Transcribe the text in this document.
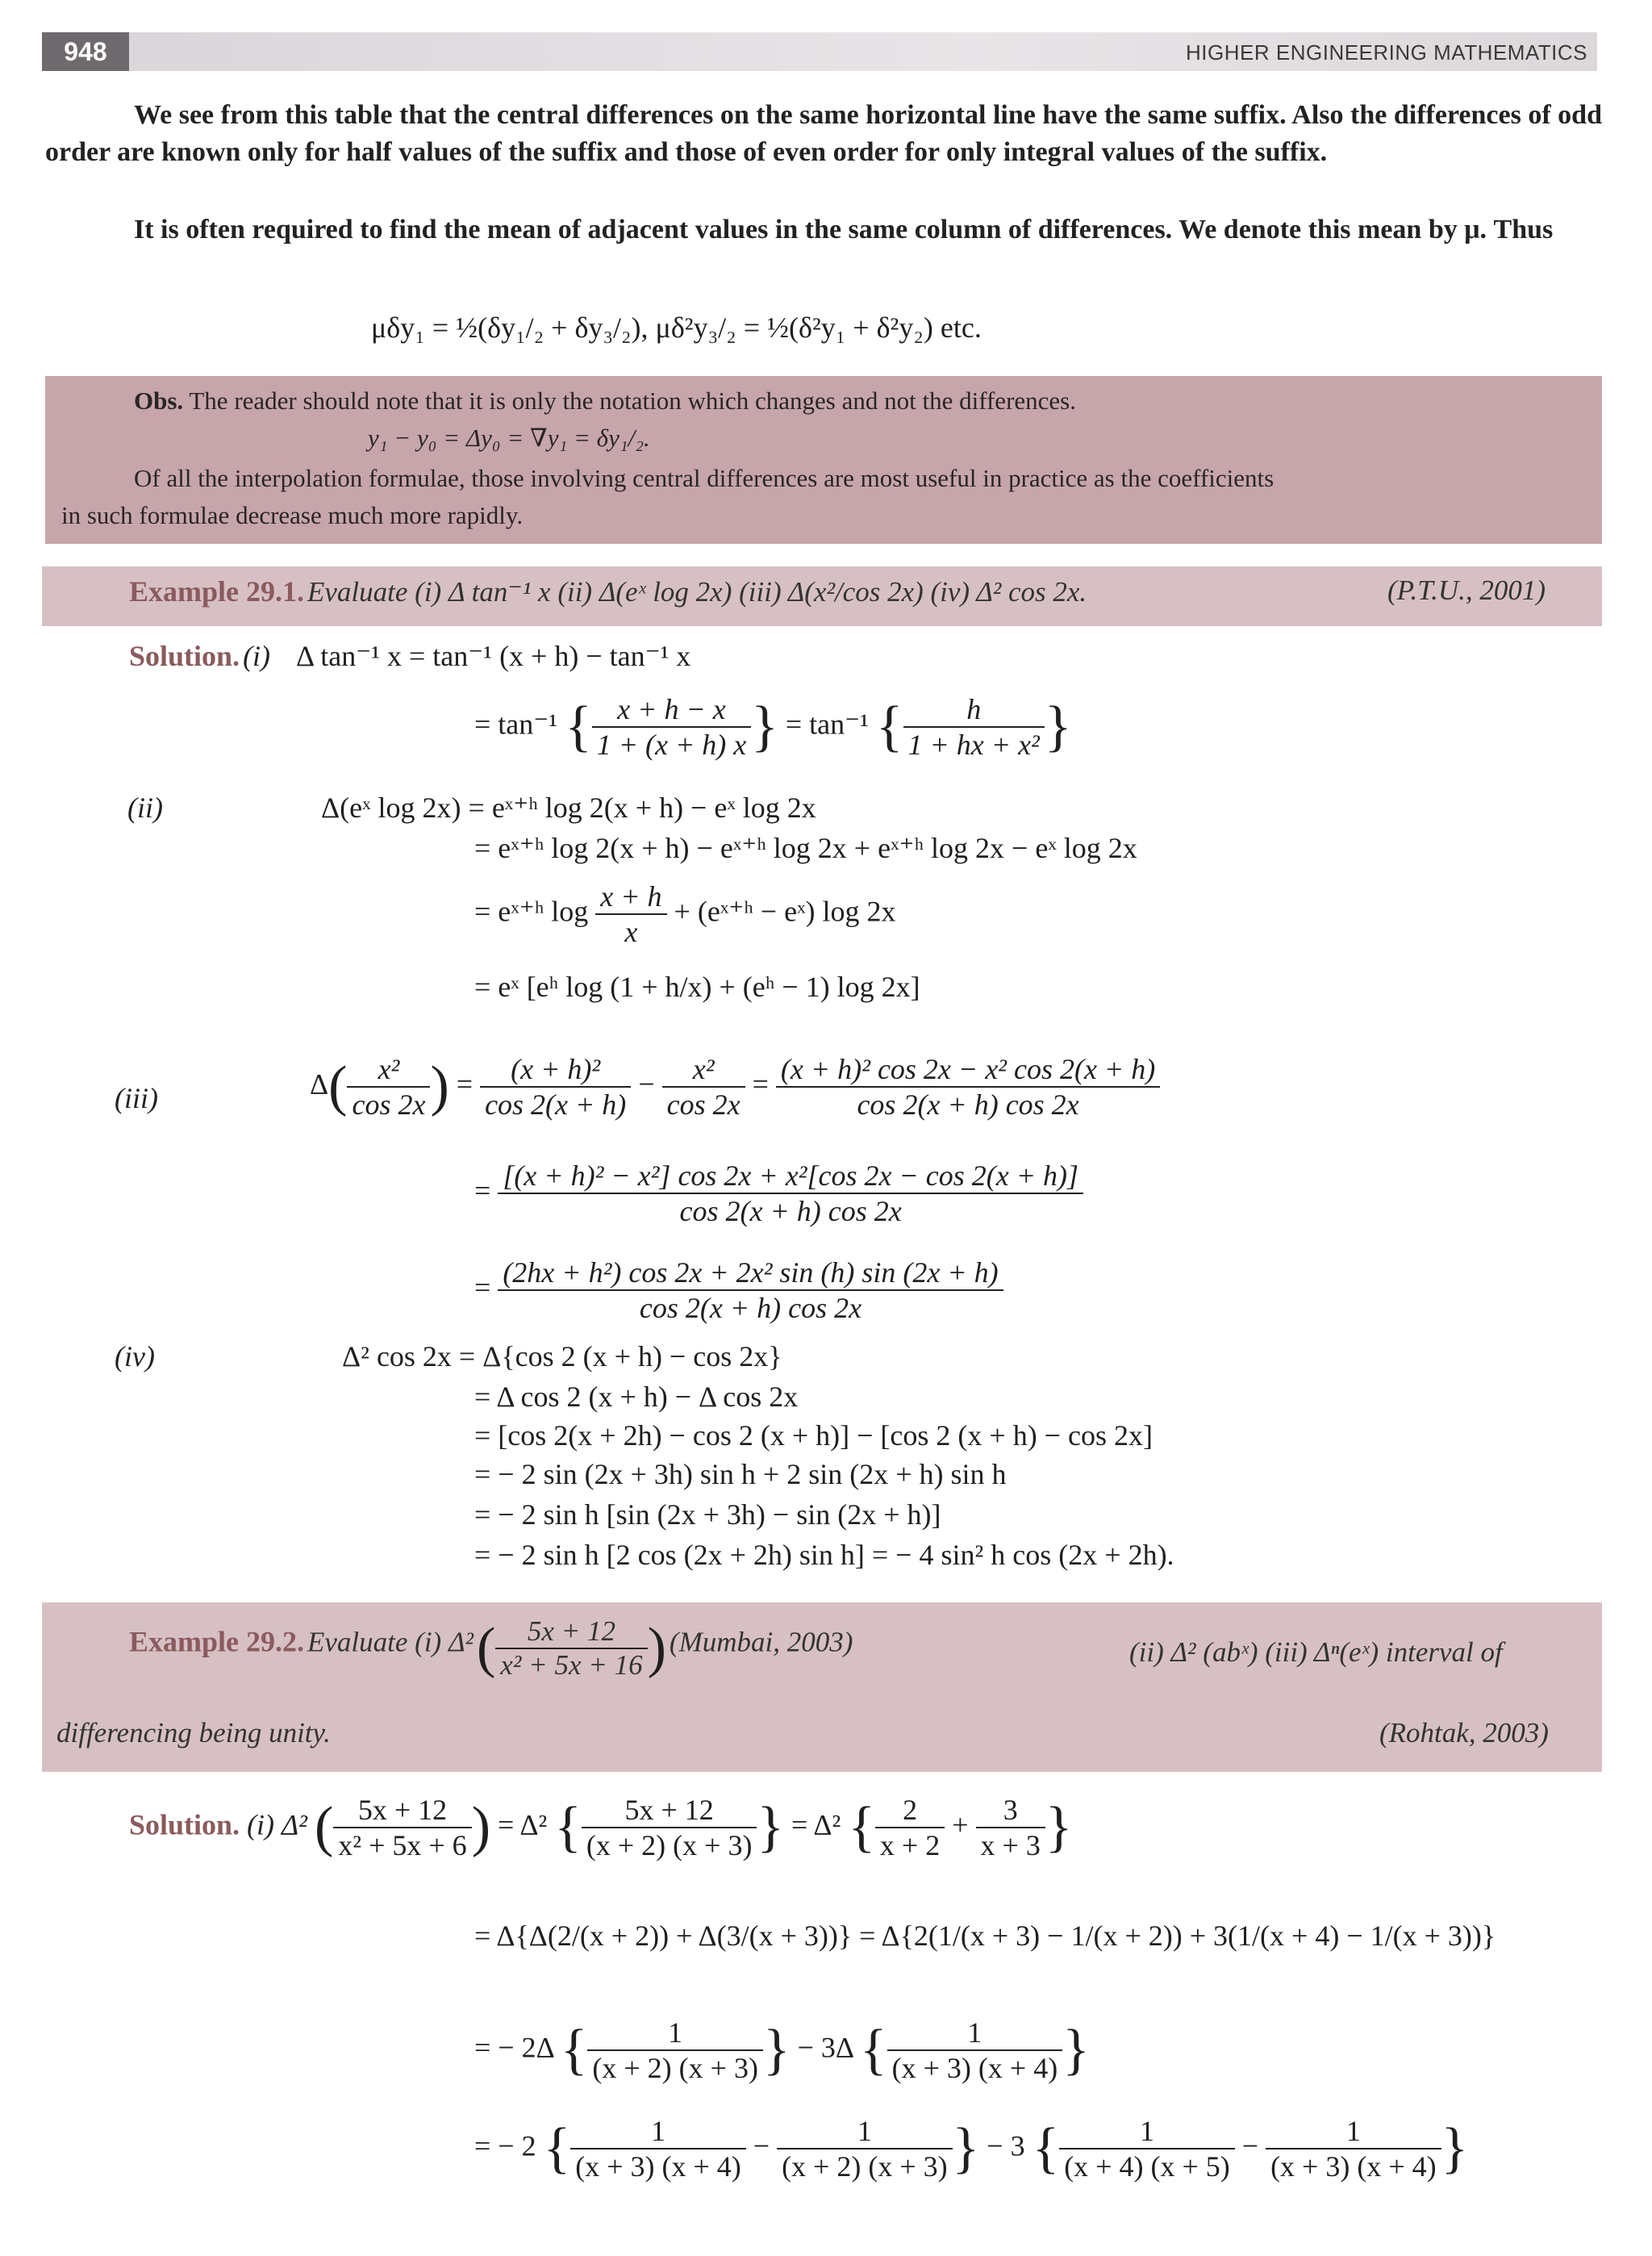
948	HIGHER ENGINEERING MATHEMATICS
We see from this table that the central differences on the same horizontal line have the same suffix. Also the differences of odd order are known only for half values of the suffix and those of even order for only integral values of the suffix.
It is often required to find the mean of adjacent values in the same column of differences. We denote this mean by μ. Thus
μδy₁ = ½(δy₁/₂ + δy₃/₂), μδ²y₃/₂ = ½(δ²y₁ + δ²y₂) etc.
Obs. The reader should note that it is only the notation which changes and not the differences.
y₁ − y₀ = Δy₀ = ∇y₁ = δy₁/₂.
Of all the interpolation formulae, those involving central differences are most useful in practice as the coefficients
in such formulae decrease much more rapidly.
Example 29.1. Evaluate (i) Δ tan⁻¹ x (ii) Δ(eˣ log 2x) (iii) Δ(x²/cos 2x) (iv) Δ² cos 2x.	(P.T.U., 2001)
Solution. (i) Δ tan⁻¹ x = tan⁻¹ (x + h) − tan⁻¹ x
= tan⁻¹ { $\frac{x + h - x}{1 + (x + h) x}$ } = tan⁻¹ { $\frac{h}{\text{1 + hx + x²}}$ }
(ii)	Δ(eˣ log 2x) = eˣ⁺ʰ log 2(x + h) − eˣ log 2x
= eˣ⁺ʰ log 2(x + h) − eˣ⁺ʰ log 2x + eˣ⁺ʰ log 2x − eˣ log 2x
= eˣ⁺ʰ $\log \frac{x + h}{x}$ + (eˣ⁺ʰ − eˣ) log 2x
= eˣ [eʰ log (1 + h/x) + (eʰ − 1) log 2x]
(iii)	$\Delta( \frac{\text{x²}}{\cos 2x}$ ) = $\frac{\text{(x + h)²}}{\cos 2(x + h)} - \frac{\text{x²}}{\cos 2x} = \frac{\text{(x + h)² cos 2x − x² cos 2(x + h)}}{\cos 2(x + h) \cos 2x}$
= $\frac{\text{[(x + h)² − x²] cos 2x + x²[cos 2x − cos 2(x + h)]}}{\cos 2(x + h) \cos 2x}$
= $\frac{\text{(2hx + h²) cos 2x + 2x² sin (h) sin (2x + h)}}{\cos 2(x + h) \cos 2x}$
(iv)	Δ² cos 2x = Δ{cos 2 (x + h) − cos 2x}
= Δ cos 2 (x + h) − Δ cos 2x
= [cos 2(x + 2h) − cos 2 (x + h)] − [cos 2 (x + h) − cos 2x]
= − 2 sin (2x + 3h) sin h + 2 sin (2x + h) sin h
= − 2 sin h [sin (2x + 3h) − sin (2x + h)]
= − 2 sin h [2 cos (2x + 2h) sin h] = − 4 sin² h cos (2x + 2h).
Example 29.2. Evaluate (i) Δ² ( $\frac{5x + 12}{\text{x² + 5x + 16}}$ ) (Mumbai, 2003)	(ii) Δ² (abˣ) (iii) Δⁿ(eˣ) interval of
differencing being unity.	(Rohtak, 2003)
Solution. (i) Δ² ( $\frac{5x + 12}{\text{x² + 5x + 6}}$ ) = Δ² { $\frac{5x + 12}{(x + 2) (x + 3)}$ } = Δ² { $\frac{2}{x + 2} + \frac{3}{x + 3}$ }
= Δ{Δ(2/(x + 2)) + Δ(3/(x + 3))} = Δ{2(1/(x + 3) − 1/(x + 2)) + 3(1/(x + 4) − 1/(x + 3))}
= − 2Δ { $\frac{1}{(x + 2) (x + 3)}$ } − 3Δ { $\frac{1}{(x + 3) (x + 4)}$ }
= − 2 { $\frac{1}{(x + 3) (x + 4)} - \frac{1}{(x + 2) (x + 3)}$ } − 3 { $\frac{1}{(x + 4) (x + 5)} - \frac{1}{(x + 3) (x + 4)}$ }
